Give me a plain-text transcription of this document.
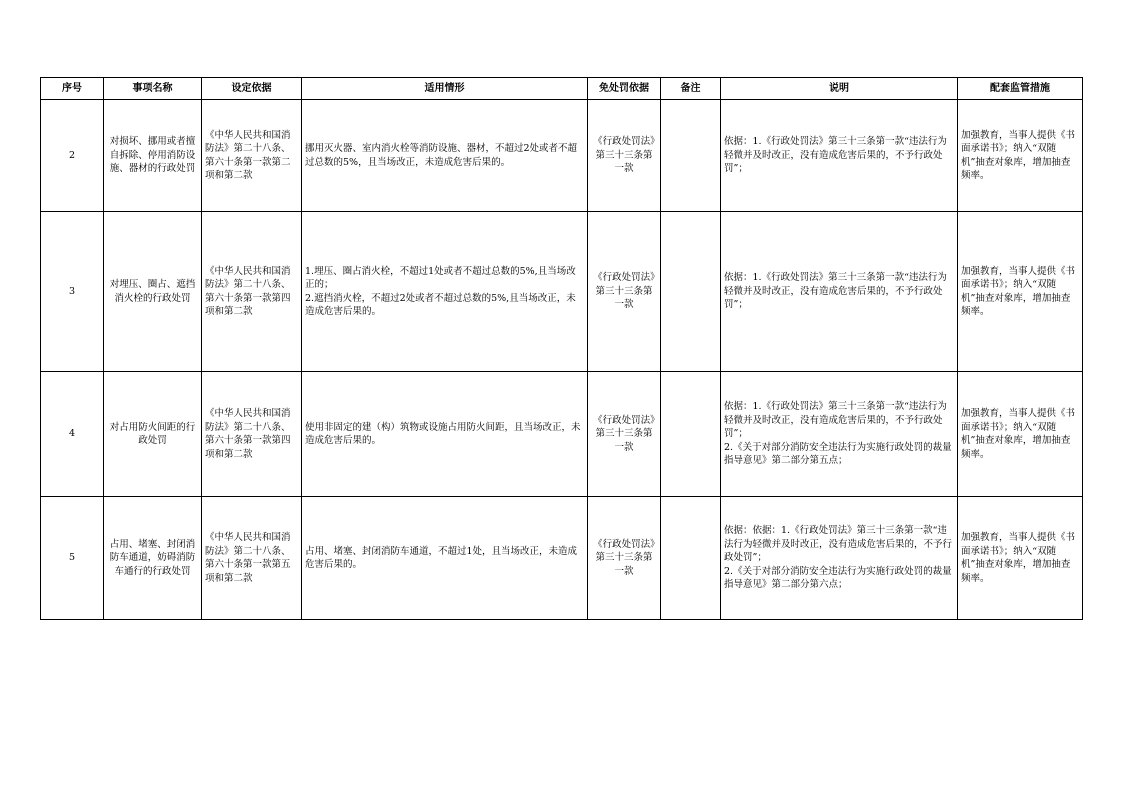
序号	事项名称	设定依据	适用情形	免处罚依据	备注	说明	配套监管措施
2	对损坏、挪用或者擅自拆除、停用消防设施、器材的行政处罚	《中华人民共和国消防法》第二十八条、第六十条第一款第二项和第二款	挪用灭火器、室内消火栓等消防设施、器材，不超过2处或者不超过总数的5%，且当场改正，未造成危害后果的。	《行政处罚法》第三十三条第一款		依据：1.《行政处罚法》第三十三条第一款“违法行为轻微并及时改正，没有造成危害后果的，不予行政处罚”；	加强教育，当事人提供《书面承诺书》；纳入“双随机”抽查对象库，增加抽查频率。
3	对埋压、圈占、遮挡消火栓的行政处罚	《中华人民共和国消防法》第二十八条、第六十条第一款第四项和第二款	1.埋压、圈占消火栓，不超过1处或者不超过总数的5%,且当场改正的；
2.遮挡消火栓，不超过2处或者不超过总数的5%,且当场改正，未造成危害后果的。	《行政处罚法》第三十三条第一款		依据：1.《行政处罚法》第三十三条第一款“违法行为轻微并及时改正，没有造成危害后果的，不予行政处罚”；	加强教育，当事人提供《书面承诺书》；纳入“双随机”抽查对象库，增加抽查频率。
4	对占用防火间距的行政处罚	《中华人民共和国消防法》第二十八条、第六十条第一款第四项和第二款	使用非固定的建（构）筑物或设施占用防火间距，且当场改正，未造成危害后果的。	《行政处罚法》第三十三条第一款		依据：1.《行政处罚法》第三十三条第一款“违法行为轻微并及时改正，没有造成危害后果的，不予行政处罚”；
2.《关于对部分消防安全违法行为实施行政处罚的裁量指导意见》第二部分第五点；	加强教育，当事人提供《书面承诺书》；纳入“双随机”抽查对象库，增加抽查频率。
5	占用、堵塞、封闭消防车通道，妨碍消防车通行的行政处罚	《中华人民共和国消防法》第二十八条、第六十条第一款第五项和第二款	占用、堵塞、封闭消防车通道，不超过1处，且当场改正，未造成危害后果的。	《行政处罚法》第三十三条第一款		依据：依据：1.《行政处罚法》第三十三条第一款“违法行为轻微并及时改正，没有造成危害后果的，不予行政处罚”；
2.《关于对部分消防安全违法行为实施行政处罚的裁量指导意见》第二部分第六点；	加强教育，当事人提供《书面承诺书》；纳入“双随机”抽查对象库，增加抽查频率。
